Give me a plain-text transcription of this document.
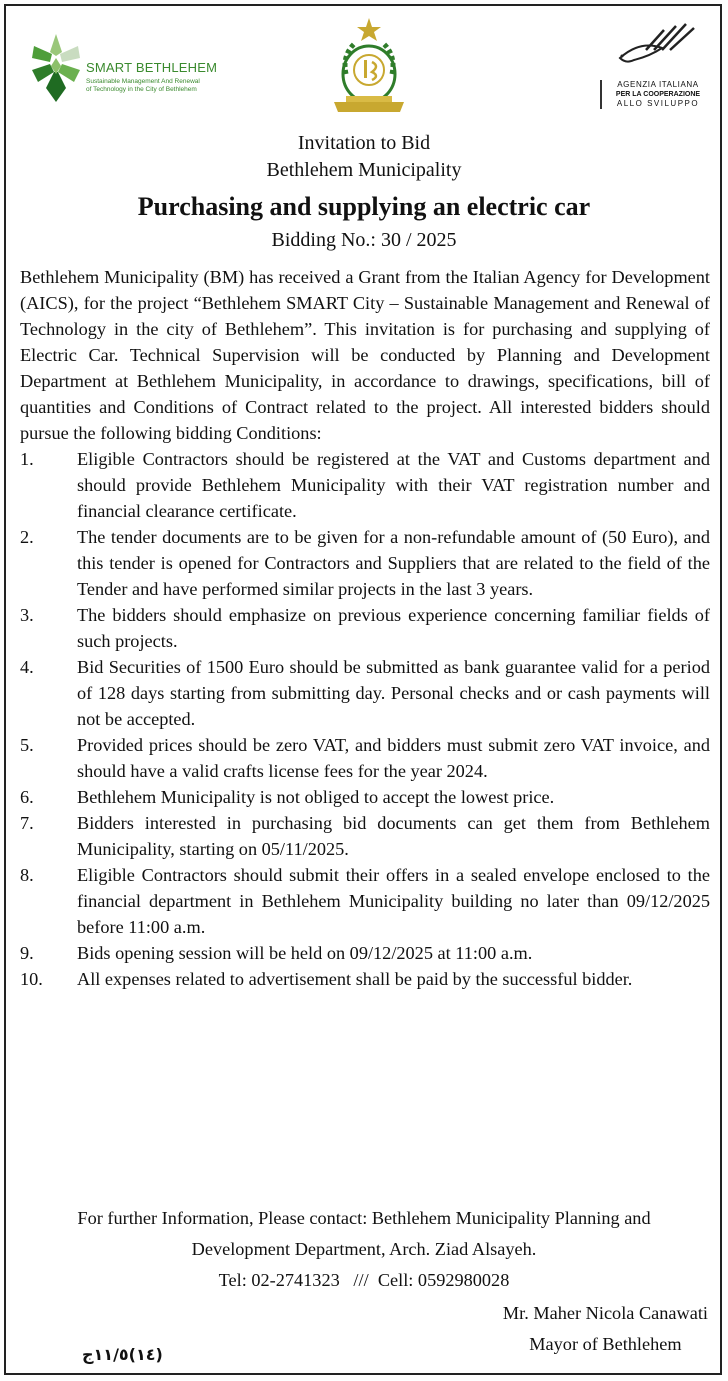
SMART BETHLEHEM
Sustainable Management And Renewal
of Technology in the City of Bethlehem
AGENZIA ITALIANA
PER LA COOPERAZIONE
ALLO SVILUPPO
Invitation to Bid
Bethlehem Municipality
Purchasing and supplying an electric car
Bidding No.: 30 / 2025

Bethlehem Municipality (BM) has received a Grant from the Italian Agency for Development (AICS), for the project “Bethlehem SMART City – Sustainable Management and Renewal of Technology in the city of Bethlehem”. This invitation is for purchasing and supplying of Electric Car. Technical Supervision will be conducted by Planning and Development Department at Bethlehem Municipality, in accordance to drawings, specifications, bill of quantities and Conditions of Contract related to the project. All interested bidders should pursue the following bidding Conditions:

1. Eligible Contractors should be registered at the VAT and Customs department and should provide Bethlehem Municipality with their VAT registration number and financial clearance certificate.
2. The tender documents are to be given for a non-refundable amount of (50 Euro), and this tender is opened for Contractors and Suppliers that are related to the field of the Tender and have performed similar projects in the last 3 years.
3. The bidders should emphasize on previous experience concerning familiar fields of such projects.
4. Bid Securities of 1500 Euro should be submitted as bank guarantee valid for a period of 128 days starting from submitting day. Personal checks and or cash payments will not be accepted.
5. Provided prices should be zero VAT, and bidders must submit zero VAT invoice, and should have a valid crafts license fees for the year 2024.
6. Bethlehem Municipality is not obliged to accept the lowest price.
7. Bidders interested in purchasing bid documents can get them from Bethlehem Municipality, starting on 05/11/2025.
8. Eligible Contractors should submit their offers in a sealed envelope enclosed to the financial department in Bethlehem Municipality building no later than 09/12/2025 before 11:00 a.m.
9. Bids opening session will be held on 09/12/2025 at 11:00 a.m.
10. All expenses related to advertisement shall be paid by the successful bidder.
For further Information, Please contact: Bethlehem Municipality Planning and
Development Department, Arch. Ziad Alsayeh.
Tel: 02-2741323   ///  Cell: 0592980028
Mr. Maher Nicola Canawati
Mayor of Bethlehem
(١٤)١١/٥ج
